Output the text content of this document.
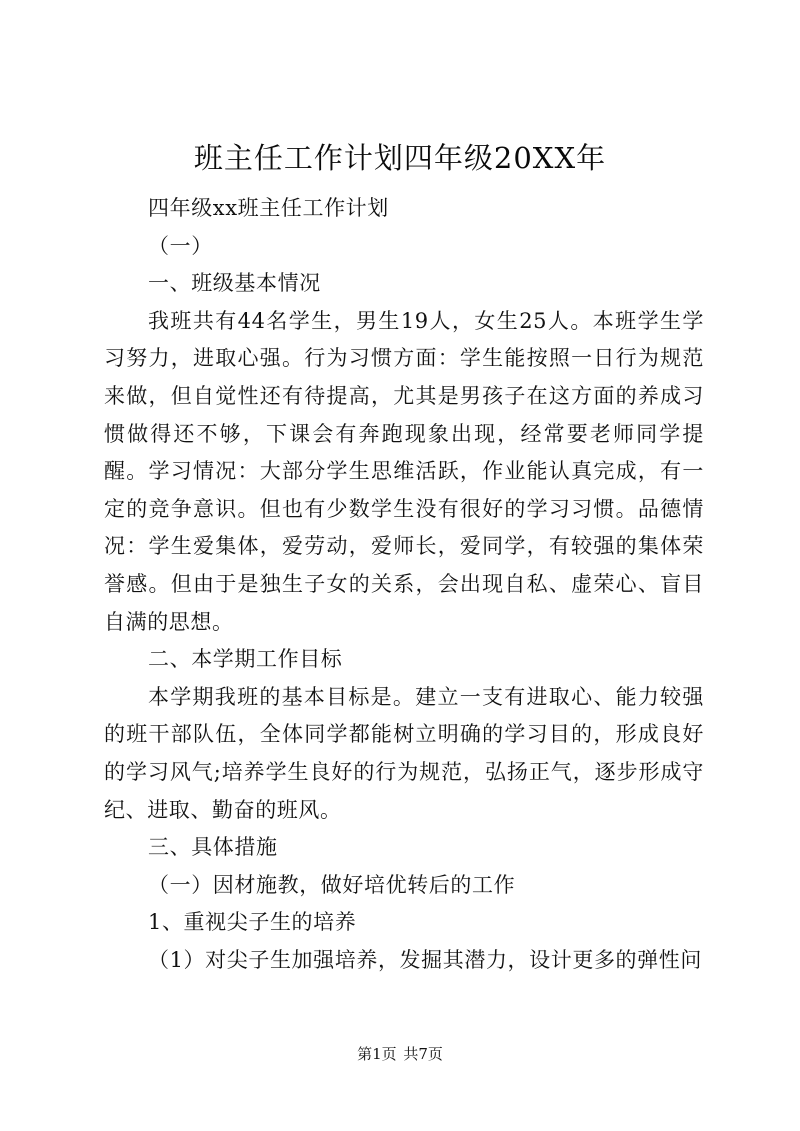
班主任工作计划四年级20XX年

四年级xx班主任工作计划

（一）

一、班级基本情况

我班共有44名学生，男生19人，女生25人。本班学生学习努力，进取心强。行为习惯方面：学生能按照一日行为规范来做，但自觉性还有待提高，尤其是男孩子在这方面的养成习惯做得还不够，下课会有奔跑现象出现，经常要老师同学提醒。学习情况：大部分学生思维活跃，作业能认真完成，有一定的竞争意识。但也有少数学生没有很好的学习习惯。品德情况：学生爱集体，爱劳动，爱师长，爱同学，有较强的集体荣誉感。但由于是独生子女的关系，会出现自私、虚荣心、盲目自满的思想。

二、本学期工作目标

本学期我班的基本目标是。建立一支有进取心、能力较强的班干部队伍，全体同学都能树立明确的学习目的，形成良好的学习风气;培养学生良好的行为规范，弘扬正气，逐步形成守纪、进取、勤奋的班风。

三、具体措施

（一）因材施教，做好培优转后的工作

1、重视尖子生的培养

（1）对尖子生加强培养，发掘其潜力，设计更多的弹性问

第1页 共7页
